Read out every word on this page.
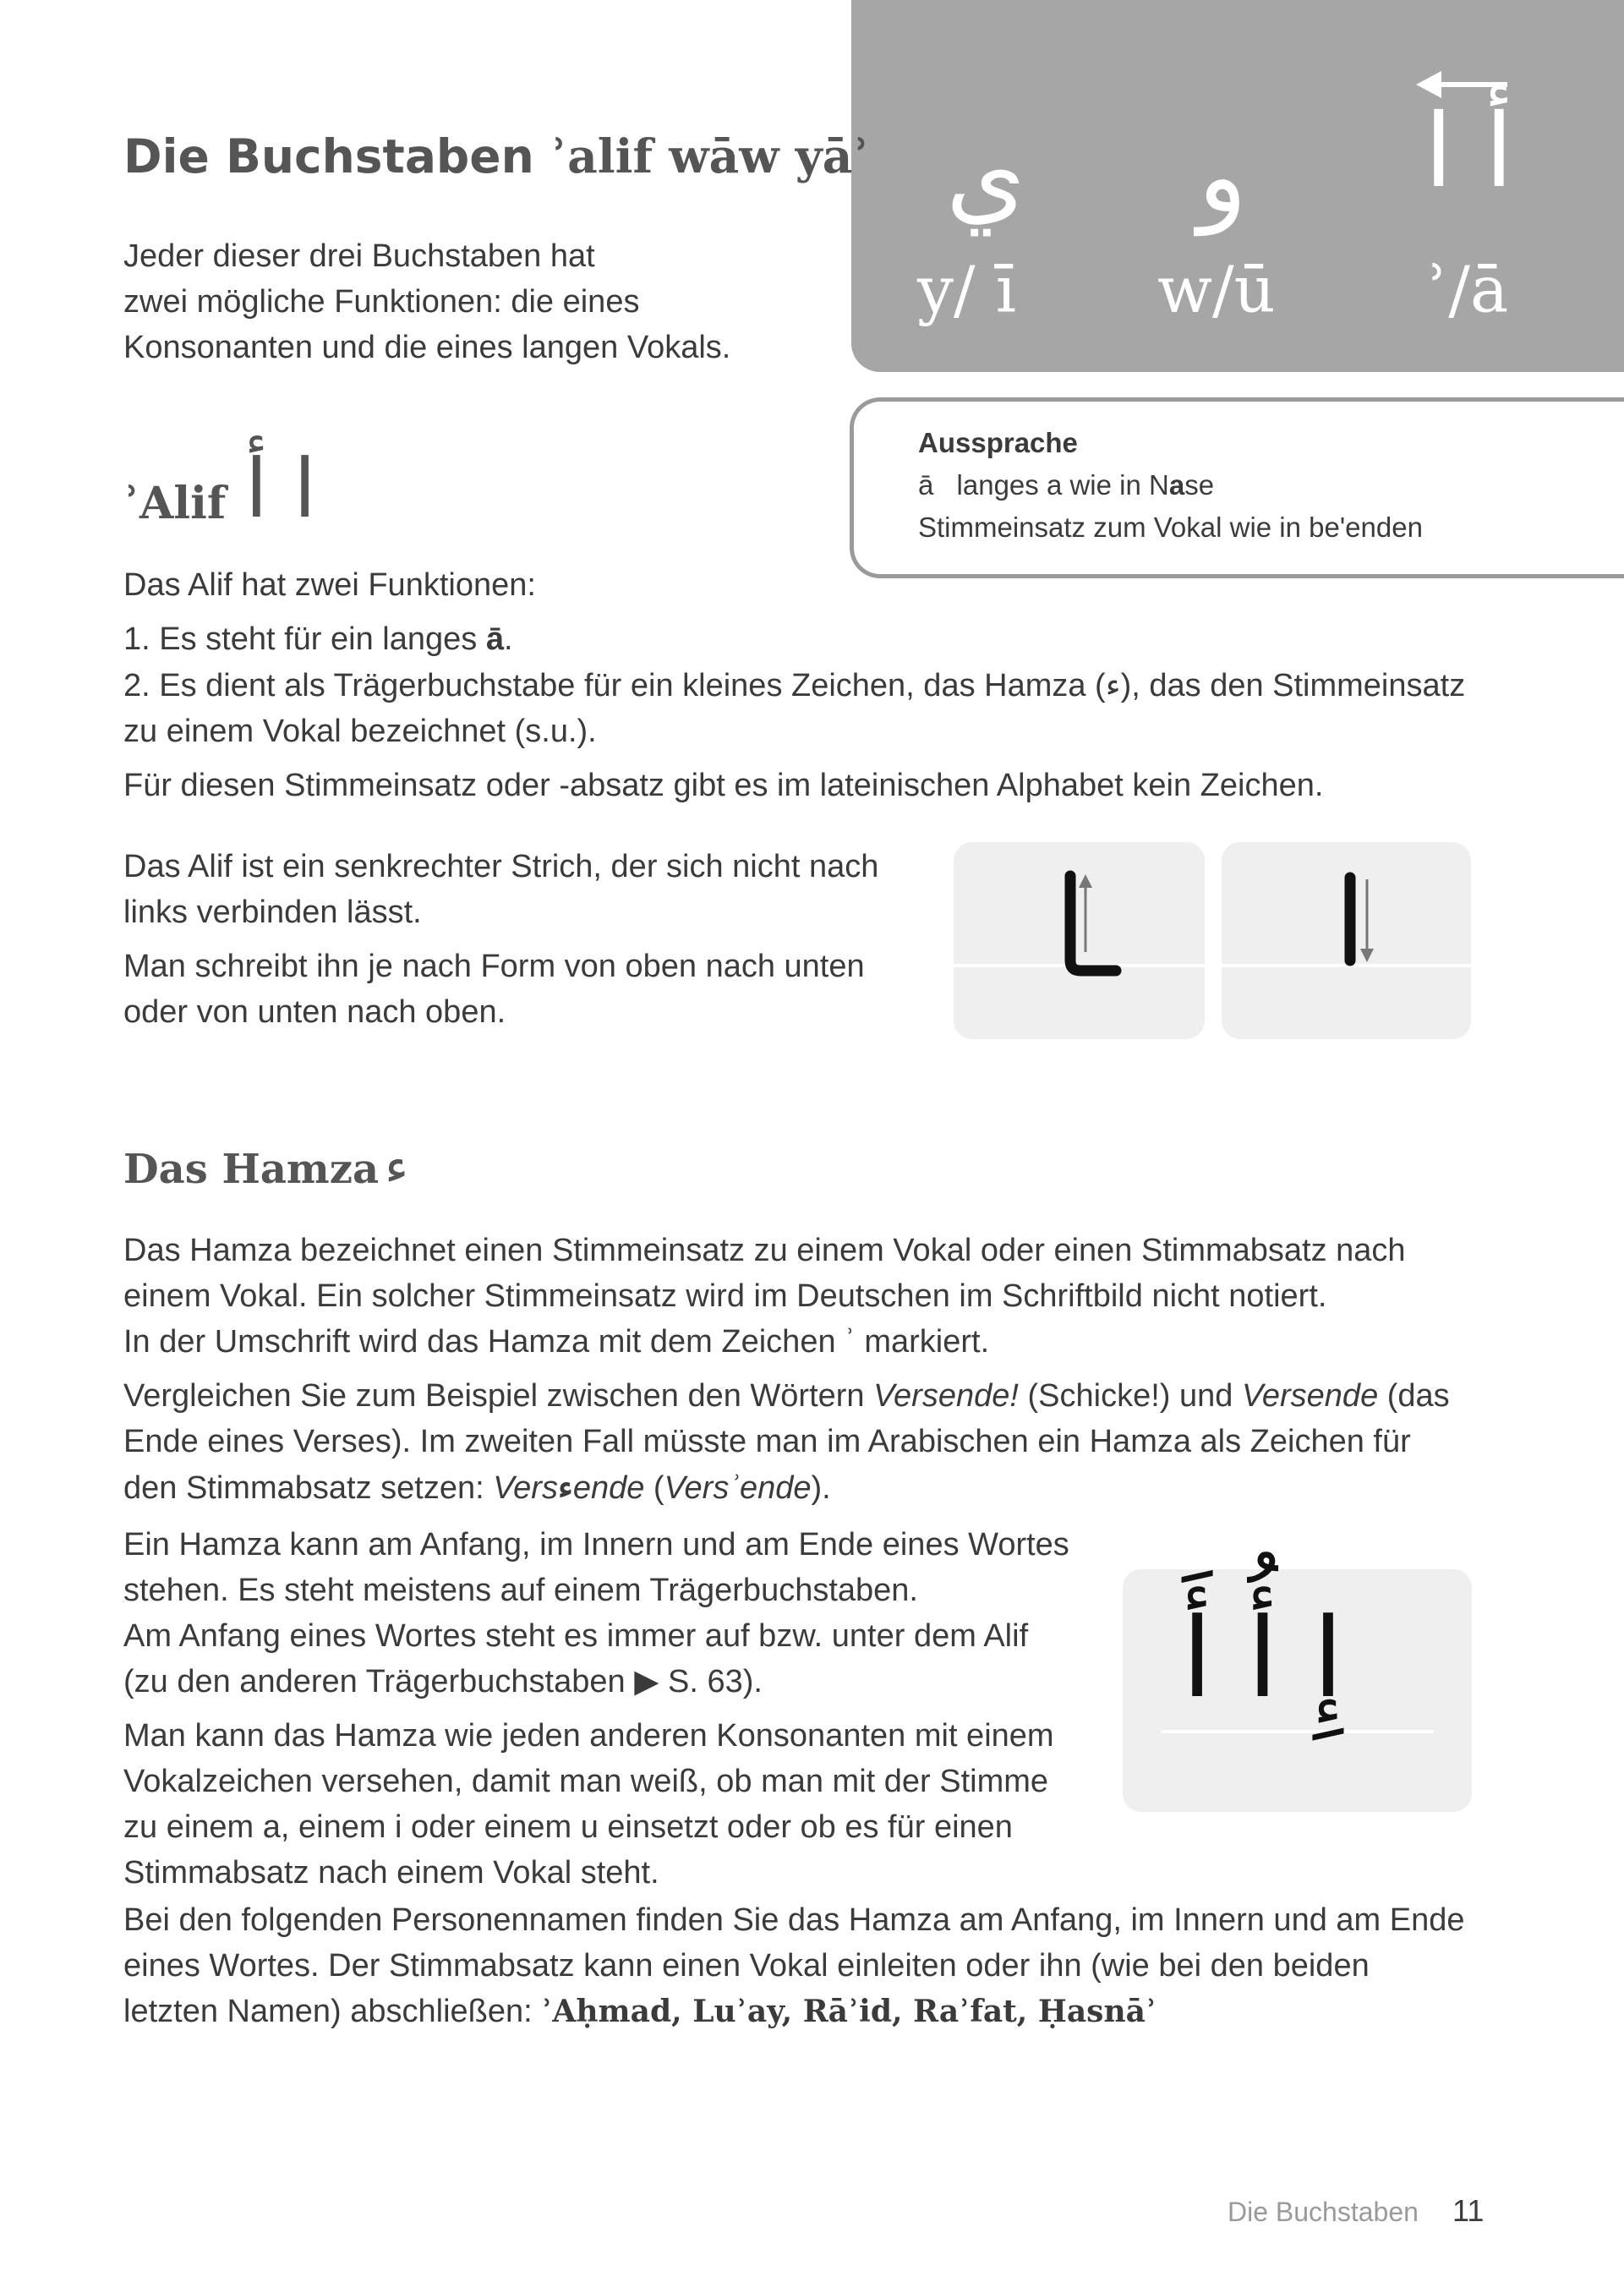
ي و أ ا
y/ ī w/ū ʾ/ā
Die Buchstaben ʾalif wāw yāʾ
Jeder dieser drei Buchstaben hat
zwei mögliche Funktionen: die eines
Konsonanten und die eines langen Vokals.
Aussprache
ā langes a wie in Nase
Stimmeinsatz zum Vokal wie in be'enden
ʾAlif ا أ
Das Alif hat zwei Funktionen:
1. Es steht für ein langes ā.
2. Es dient als Trägerbuchstabe für ein kleines Zeichen, das Hamza (ء), das den Stimmeinsatz
zu einem Vokal bezeichnet (s.u.).
Für diesen Stimmeinsatz oder -absatz gibt es im lateinischen Alphabet kein Zeichen.
Das Alif ist ein senkrechter Strich, der sich nicht nach
links verbinden lässt.
Man schreibt ihn je nach Form von oben nach unten
oder von unten nach oben.
Das Hamza ء
Das Hamza bezeichnet einen Stimmeinsatz zu einem Vokal oder einen Stimmabsatz nach
einem Vokal. Ein solcher Stimmeinsatz wird im Deutschen im Schriftbild nicht notiert.
In der Umschrift wird das Hamza mit dem Zeichen ʾ markiert.
Vergleichen Sie zum Beispiel zwischen den Wörtern Versende! (Schicke!) und Versende (das
Ende eines Verses). Im zweiten Fall müsste man im Arabischen ein Hamza als Zeichen für
den Stimmabsatz setzen: Versءende (Versʾende).
Ein Hamza kann am Anfang, im Innern und am Ende eines Wortes
stehen. Es steht meistens auf einem Trägerbuchstaben.
Am Anfang eines Wortes steht es immer auf bzw. unter dem Alif
(zu den anderen Trägerbuchstaben ▶ S. 63).
Man kann das Hamza wie jeden anderen Konsonanten mit einem
Vokalzeichen versehen, damit man weiß, ob man mit der Stimme
zu einem a, einem i oder einem u einsetzt oder ob es für einen
Stimmabsatz nach einem Vokal steht.
Bei den folgenden Personennamen finden Sie das Hamza am Anfang, im Innern und am Ende
eines Wortes. Der Stimmabsatz kann einen Vokal einleiten oder ihn (wie bei den beiden
letzten Namen) abschließen: ʾAḥmad, Luʾay, Rāʾid, Raʾfat, Ḥasnāʾ
إِ أُ أَ
Die Buchstaben 11
